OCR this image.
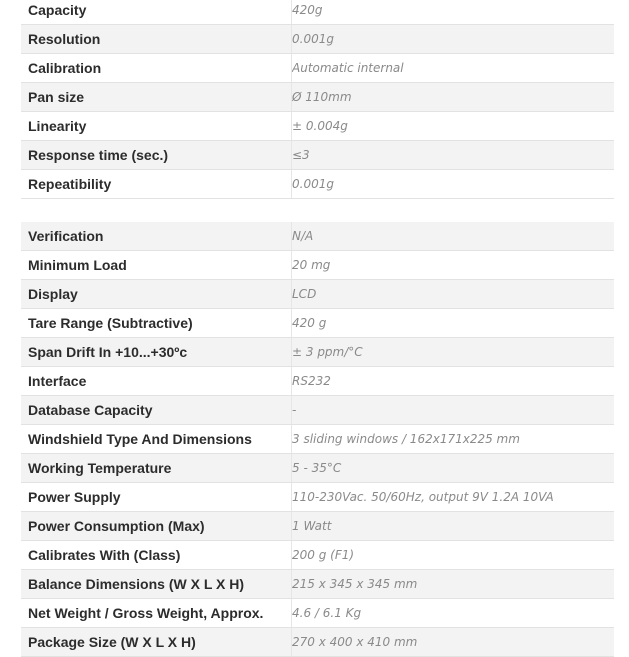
Capacity	420g
Resolution	0.001g
Calibration	Automatic internal
Pan size	Ø 110mm
Linearity	± 0.004g
Response time (sec.)	≤3
Repeatibility	0.001g
Verification	N/A
Minimum Load	20 mg
Display	LCD
Tare Range (Subtractive)	420 g
Span Drift In +10...+30ºc	± 3 ppm/°C
Interface	RS232
Database Capacity	-
Windshield Type And Dimensions	3 sliding windows / 162x171x225 mm
Working Temperature	5 - 35°C
Power Supply	110-230Vac. 50/60Hz, output 9V 1.2A 10VA
Power Consumption (Max)	1 Watt
Calibrates With (Class)	200 g (F1)
Balance Dimensions (W X L X H)	215 x 345 x 345 mm
Net Weight / Gross Weight, Approx.	4.6 / 6.1 Kg
Package Size (W X L X H)	270 x 400 x 410 mm
